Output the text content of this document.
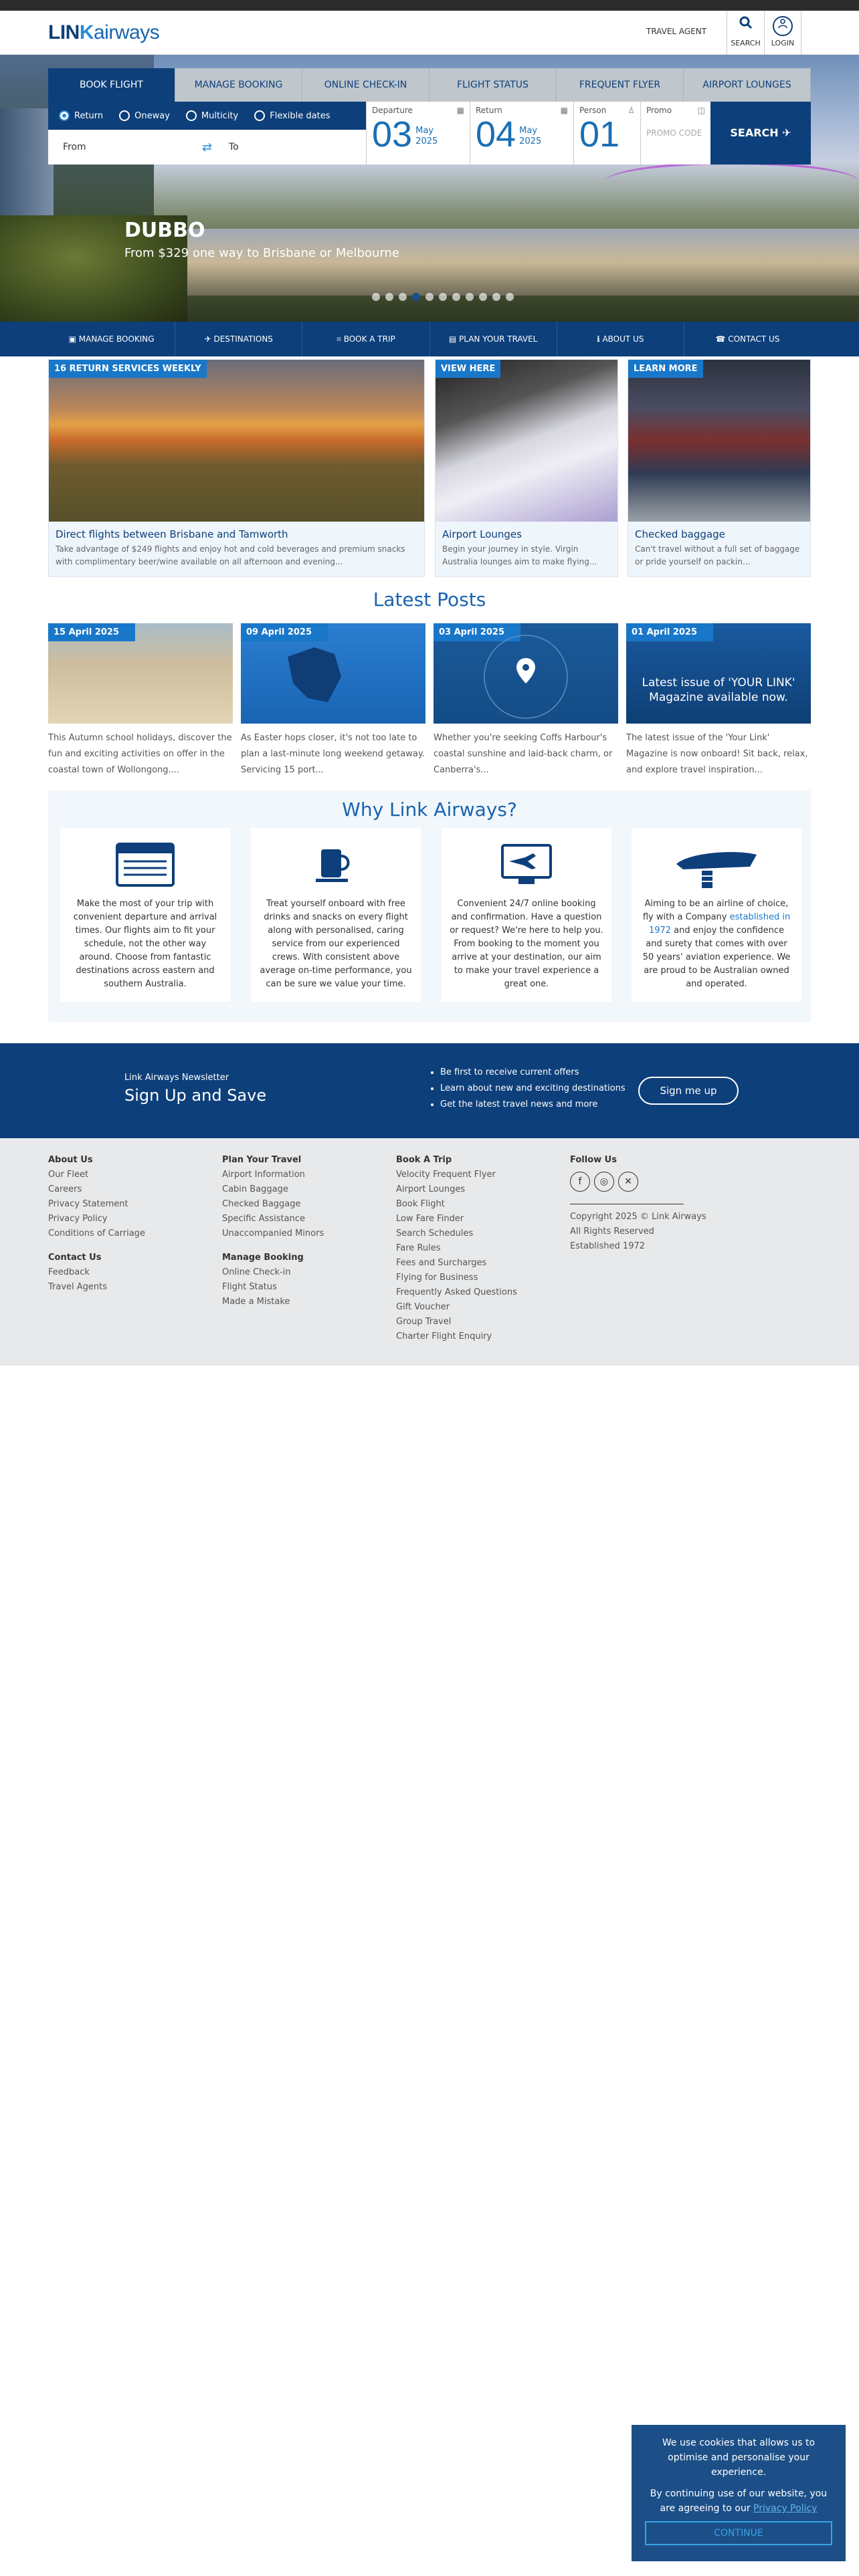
LINKairways	TRAVEL AGENT
SEARCH	LOGIN
BOOK FLIGHT	MANAGE BOOKING	ONLINE CHECK-IN	FLIGHT STATUS	FREQUENT FLYER	AIRPORT LOUNGES
Return	Oneway	Multicity	Flexible dates
From	⇄	To
Departure	▦
03 May
2025
Return	▦
04 May
2025
Person	♙
01
Promo	◫
PROMO CODE	SEARCH ✈
DUBBO
From $329 one way to Brisbane or Melbourne
▣ MANAGE BOOKING	✈ DESTINATIONS	⌗ BOOK A TRIP	▤ PLAN YOUR TRAVEL	ℹ ABOUT US	☎ CONTACT US
16 RETURN SERVICES WEEKLY
Direct flights between Brisbane and Tamworth
Take advantage of $249 flights and enjoy hot and cold beverages and premium snacks with complimentary beer/wine available on all afternoon and evening...
VIEW HERE
Airport Lounges
Begin your journey in style. Virgin Australia lounges aim to make flying...
LEARN MORE
Checked baggage
Can't travel without a full set of baggage or pride yourself on packin...
Latest Posts
15 April 2025
This Autumn school holidays, discover the fun and exciting activities on offer in the coastal town of Wollongong....
09 April 2025
As Easter hops closer, it's not too late to plan a last-minute long weekend getaway. Servicing 15 port...
03 April 2025
Whether you're seeking Coffs Harbour's coastal sunshine and laid-back charm, or Canberra's...
01 April 2025
Latest issue of 'YOUR LINK'
Magazine available now.
The latest issue of the 'Your Link' Magazine is now onboard! Sit back, relax, and explore travel inspiration...
Why Link Airways?

Make the most of your trip with convenient departure and arrival times. Our flights aim to fit your schedule, not the other way around. Choose from fantastic destinations across eastern and southern Australia.

Treat yourself onboard with free drinks and snacks on every flight along with personalised, caring service from our experienced crews. With consistent above average on-time performance, you can be sure we value your time.

Convenient 24/7 online booking and confirmation. Have a question or request? We're here to help you. From booking to the moment you arrive at your destination, our aim to make your travel experience a great one.

Aiming to be an airline of choice, fly with a Company established in 1972 and enjoy the confidence and surety that comes with over 50 years' aviation experience. We are proud to be Australian owned and operated.

Link Airways Newsletter
Sign Up and Save
• Be first to receive current offers
• Learn about new and exciting destinations
• Get the latest travel news and more
Sign me up
About Us
Our Fleet
Careers
Privacy Statement
Privacy Policy
Conditions of Carriage
Contact Us
Feedback
Travel Agents
Plan Your Travel
Airport Information
Cabin Baggage
Checked Baggage
Specific Assistance
Unaccompanied Minors
Manage Booking
Online Check-in
Flight Status
Made a Mistake
Book A Trip
Velocity Frequent Flyer
Airport Lounges
Book Flight
Low Fare Finder
Search Schedules
Fare Rules
Fees and Surcharges
Flying for Business
Frequently Asked Questions
Gift Voucher
Group Travel
Charter Flight Enquiry
Follow Us
f	◎	✕
Copyright 2025 © Link Airways
All Rights Reserved
Established 1972
We use cookies that allows us to optimise and personalise your experience.
By continuing use of our website, you are agreeing to our Privacy Policy
CONTINUE
